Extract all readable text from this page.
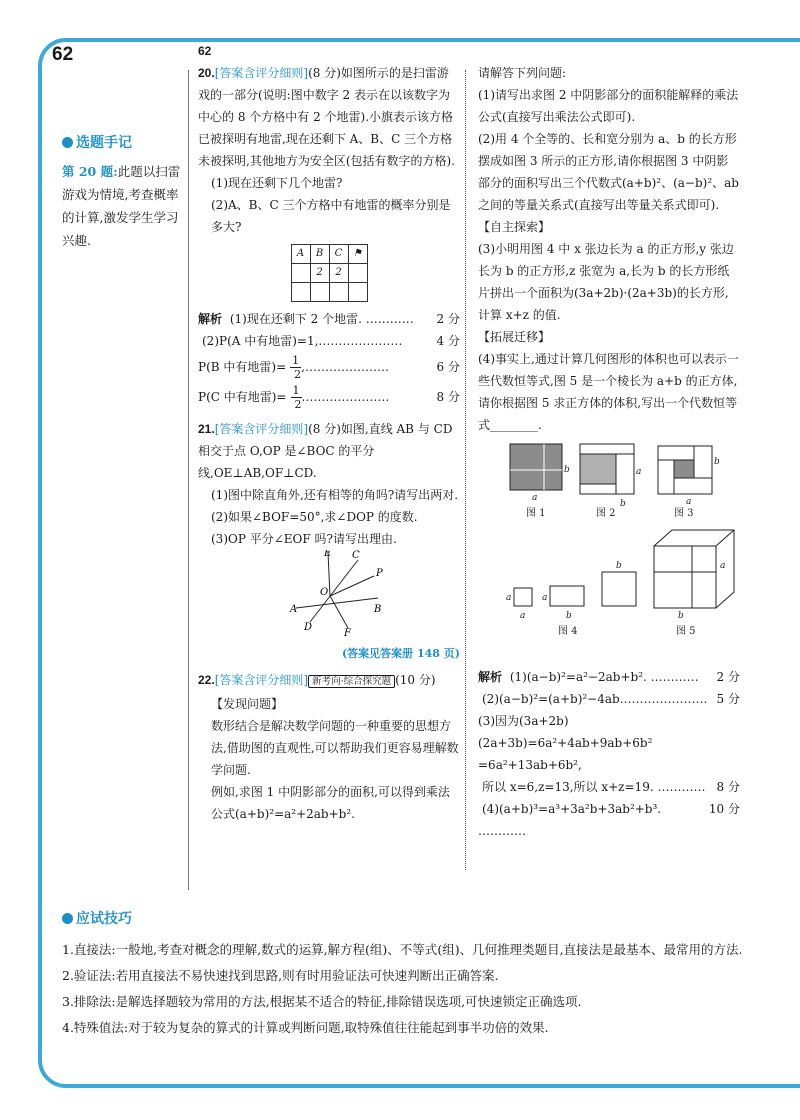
62	62
选题手记
第 20 题:此题以扫雷游戏为情境,考查概率的计算,激发学生学习兴趣.

20.[答案含评分细则](8 分)如图所示的是扫雷游戏的一部分(说明:图中数字 2 表示在以该数字为中心的 8 个方格中有 2 个地雷).小旗表示该方格已被探明有地雷,现在还剩下 A、B、C 三个方格未被探明,其他地方为安全区(包括有数字的方格).

(1)现在还剩下几个地雷?

(2)A、B、C 三个方格中有地雷的概率分别是多大?

A	B	C	⚑
	2	2	

解析 (1)现在还剩下 2 个地雷. …………	2 分

(2)P(A 中有地雷)=1,…………………	4 分

P(B 中有地雷)= $\frac{1}{2}$ ,…………………	6 分

P(C 中有地雷)= $\frac{1}{2}$ .…………………	8 分

21.[答案含评分细则](8 分)如图,直线 AB 与 CD 相交于点 O,OP 是∠BOC 的平分线,OE⊥AB,OF⊥CD.

(1)图中除直角外,还有相等的角吗?请写出两对.

(2)如果∠BOF=50°,求∠DOP 的度数.

(3)OP 平分∠EOF 吗?请写出理由.

E C
P
O
A	B
D
F

(答案见答案册 148 页)

22.[答案含评分细则] 新考向·综合探究题 (10 分)

【发现问题】

数形结合是解决数学问题的一种重要的思想方法,借助图的直观性,可以帮助我们更容易理解数学问题.

例如,求图 1 中阴影部分的面积,可以得到乘法公式(a+b)²=a²+2ab+b².

请解答下列问题:

(1)请写出求图 2 中阴影部分的面积能解释的乘法公式(直接写出乘法公式即可).

(2)用 4 个全等的、长和宽分别为 a、b 的长方形摆成如图 3 所示的正方形,请你根据图 3 中阴影部分的面积写出三个代数式(a+b)²、(a−b)²、ab 之间的等量关系式(直接写出等量关系式即可).

【自主探索】

(3)小明用图 4 中 x 张边长为 a 的正方形,y 张边长为 b 的正方形,z 张宽为 a,长为 b 的长方形纸片拼出一个面积为(3a+2b)·(2a+3b)的长方形,计算 x+z 的值.

【拓展迁移】

(4)事实上,通过计算几何图形的体积也可以表示一些代数恒等式,图 5 是一个棱长为 a+b 的正方体,请你根据图 5 求正方体的体积,写出一个代数恒等式________.

b
a
a
b
b
a
a
a
a
b
b	a
b
图 1	图 2	图 3
图 4	图 5

解析 (1)(a−b)²=a²−2ab+b². …………	2 分

(2)(a−b)²=(a+b)²−4ab.………………… 5 分

(3)因为(3a+2b)(2a+3b)=6a²+4ab+9ab+6b²

=6a²+13ab+6b²,

所以 x=6,z=13,所以 x+z=19. ………… 8 分

(4)(a+b)³=a³+3a²b+3ab²+b³. …………
10 分

应试技巧

1.直接法:一般地,考查对概念的理解,数式的运算,解方程(组)、不等式(组)、几何推理类题目,直接法是最基本、最常用的方法.

2.验证法:若用直接法不易快速找到思路,则有时用验证法可快速判断出正确答案.

3.排除法:是解选择题较为常用的方法,根据某不适合的特征,排除错误选项,可快速锁定正确选项.

4.特殊值法:对于较为复杂的算式的计算或判断问题,取特殊值往往能起到事半功倍的效果.
